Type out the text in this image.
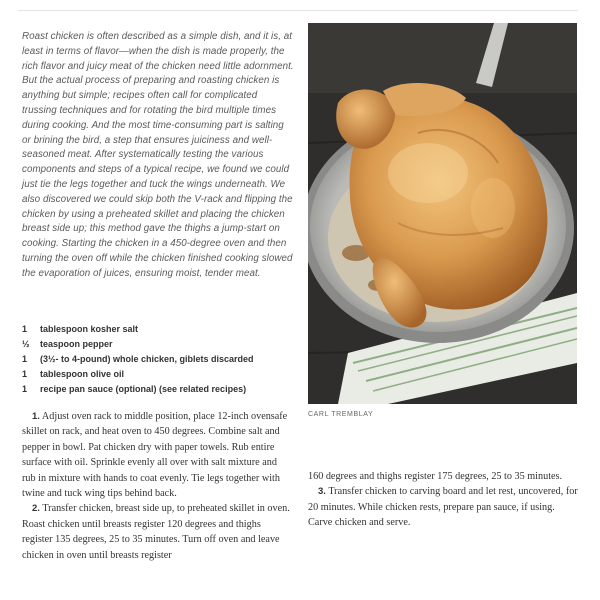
Roast chicken is often described as a simple dish, and it is, at least in terms of flavor—when the dish is made properly, the rich flavor and juicy meat of the chicken need little adornment. But the actual process of preparing and roasting chicken is anything but simple; recipes often call for complicated trussing techniques and for rotating the bird multiple times during cooking. And the most time-consuming part is salting or brining the bird, a step that ensures juiciness and well-seasoned meat. After systematically testing the various components and steps of a typical recipe, we found we could just tie the legs together and tuck the wings underneath. We also discovered we could skip both the V-rack and flipping the chicken by using a preheated skillet and placing the chicken breast side up; this method gave the thighs a jump-start on cooking. Starting the chicken in a 450-degree oven and then turning the oven off while the chicken finished cooking slowed the evaporation of juices, ensuring moist, tender meat.

1	tablespoon kosher salt
½	teaspoon pepper
1	(3½- to 4-pound) whole chicken, giblets discarded
1	tablespoon olive oil
1	recipe pan sauce (optional) (see related recipes)
CARL TREMBLAY

1. Adjust oven rack to middle position, place 12-inch ovensafe skillet on rack, and heat oven to 450 degrees. Combine salt and pepper in bowl. Pat chicken dry with paper towels. Rub entire surface with oil. Sprinkle evenly all over with salt mixture and rub in mixture with hands to coat evenly. Tie legs together with twine and tuck wing tips behind back.

2. Transfer chicken, breast side up, to preheated skillet in oven. Roast chicken until breasts register 120 degrees and thighs register 135 degrees, 25 to 35 minutes. Turn off oven and leave chicken in oven until breasts register

160 degrees and thighs register 175 degrees, 25 to 35 minutes.

3. Transfer chicken to carving board and let rest, uncovered, for 20 minutes. While chicken rests, prepare pan sauce, if using. Carve chicken and serve.
